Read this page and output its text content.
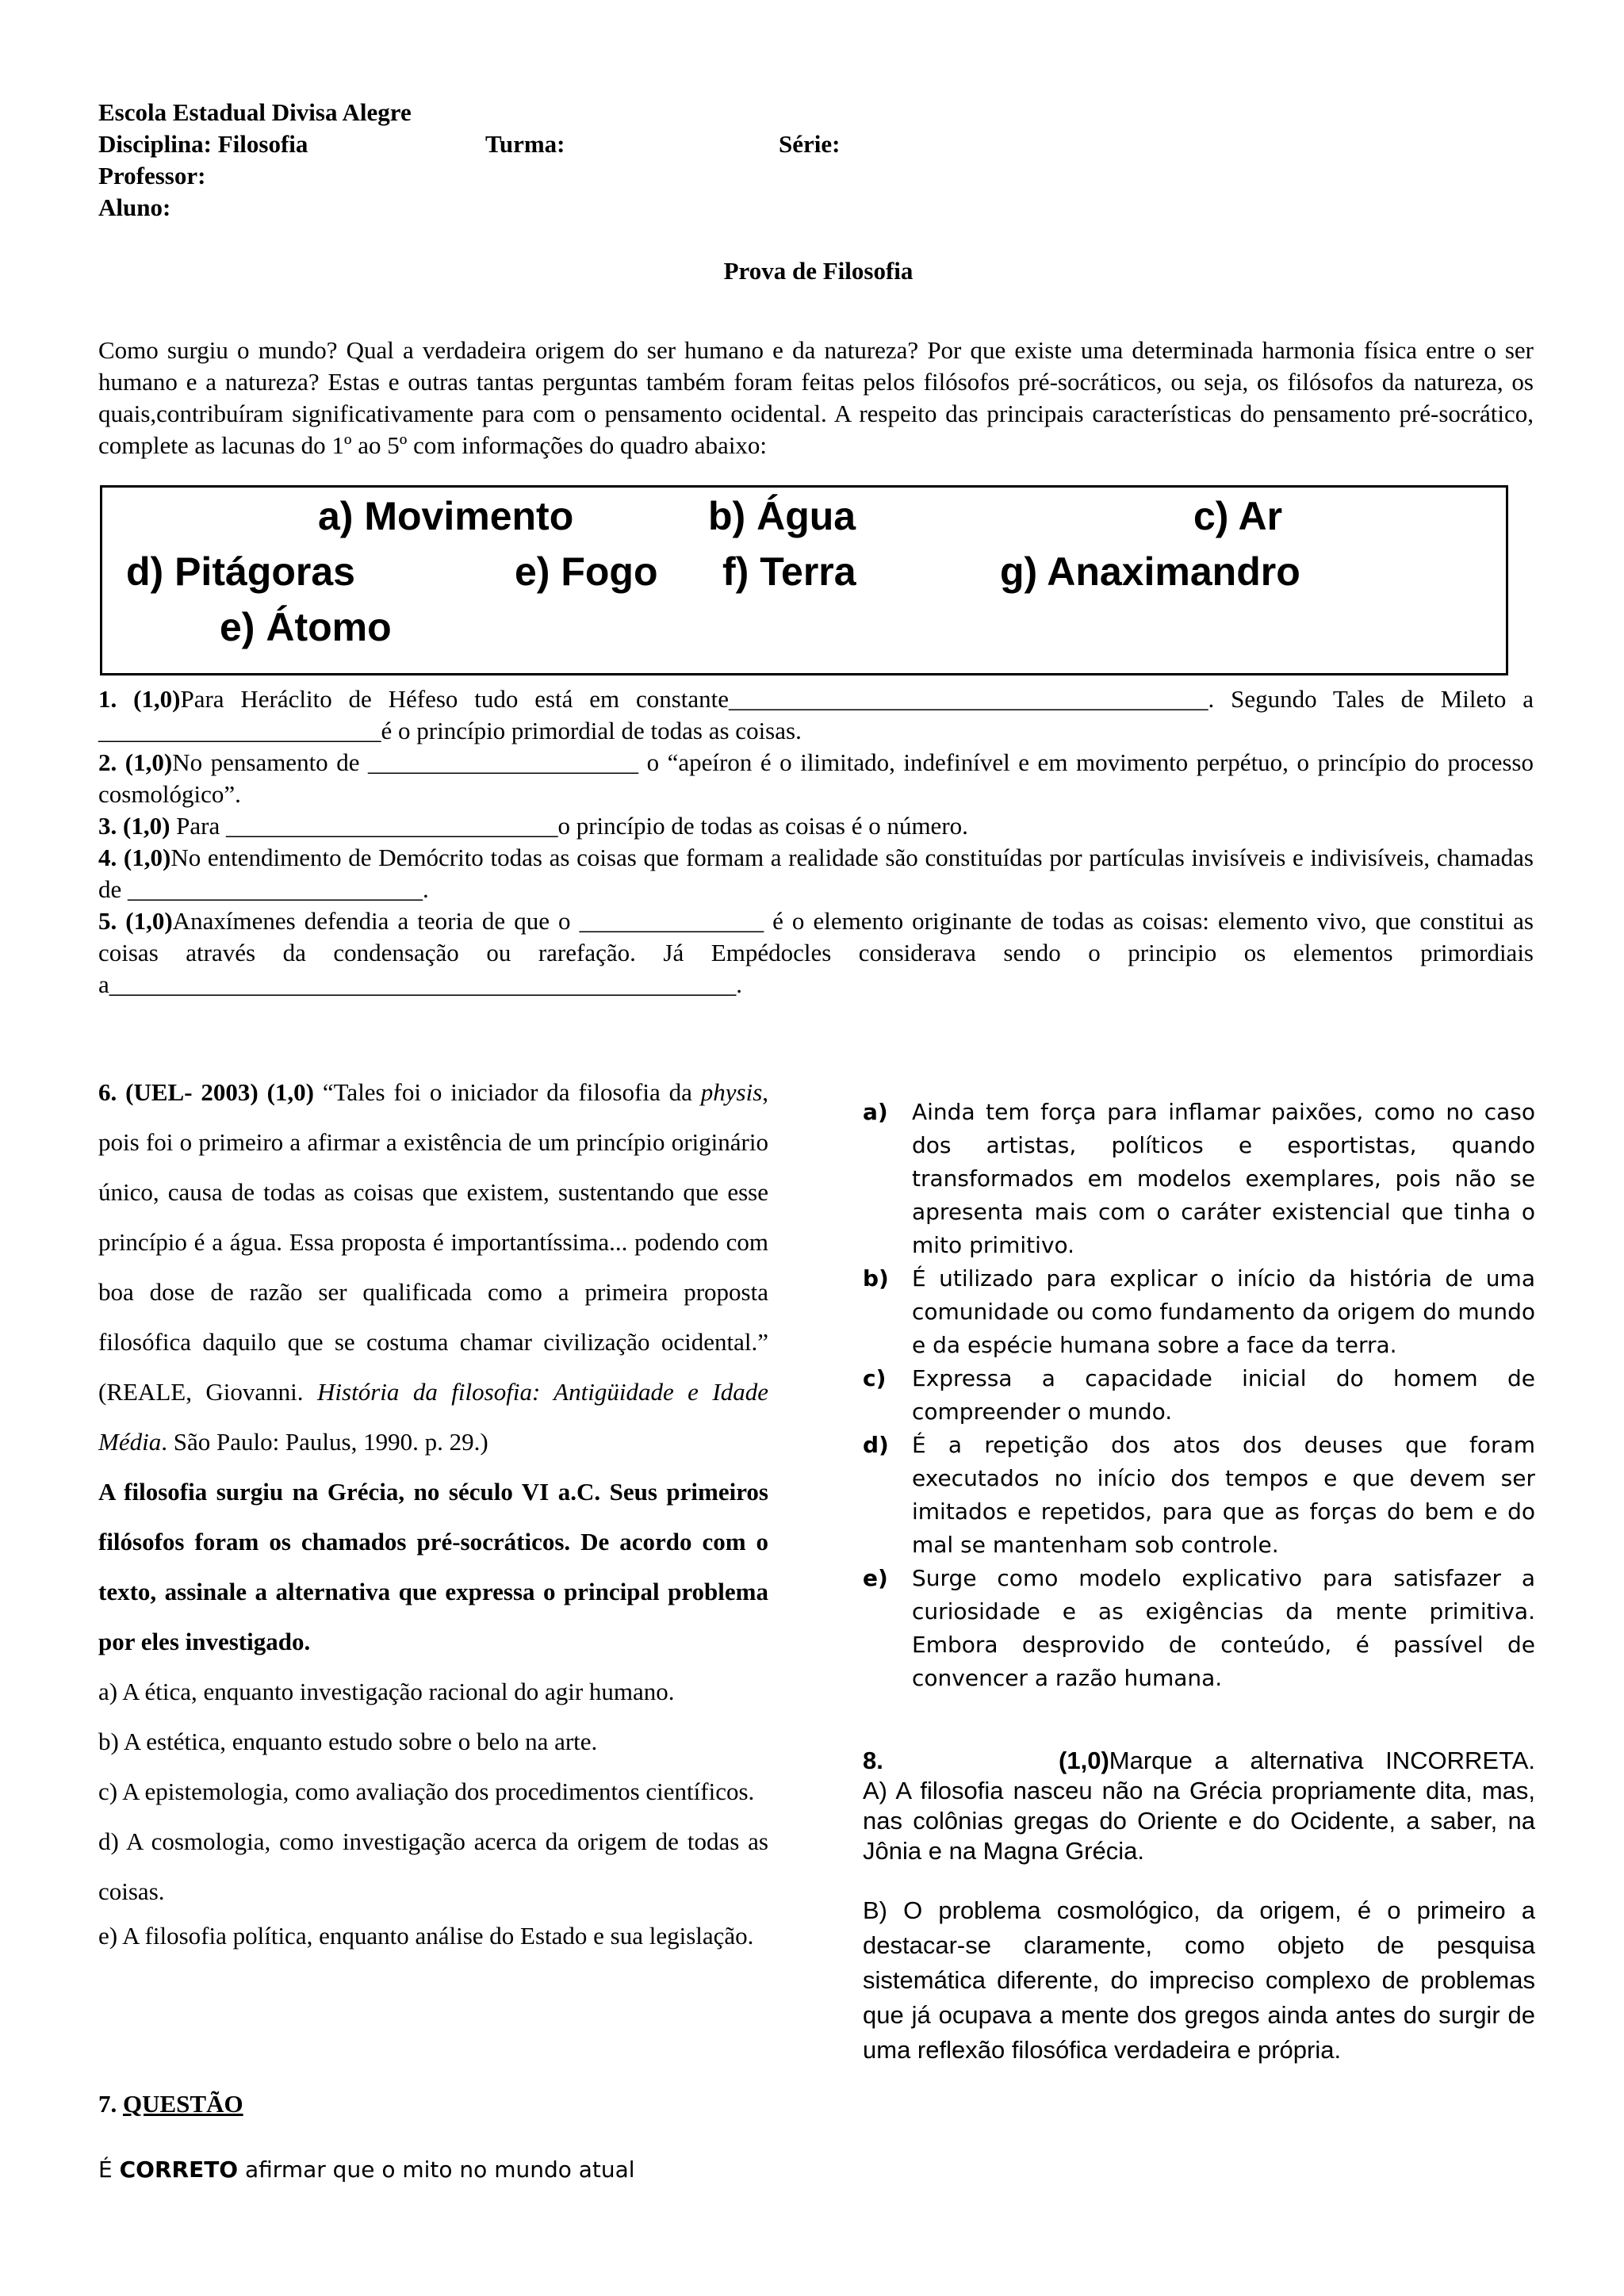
Escola Estadual Divisa Alegre
Disciplina: Filosofia	Turma:	Série:
Professor:
Aluno:
Prova de Filosofia
Como surgiu o mundo? Qual a verdadeira origem do ser humano e da natureza? Por que existe uma determinada harmonia física entre o ser humano e a natureza? Estas e outras tantas perguntas também foram feitas pelos filósofos pré-socráticos, ou seja, os filósofos da natureza, os quais,contribuíram significativamente para com o pensamento ocidental. A respeito das principais características do pensamento pré-socrático, complete as lacunas do 1º ao 5º com informações do quadro abaixo:
a) Movimento	b) Água	c) Ar
d) Pitágoras	e) Fogo f) Terra	g) Anaximandro
e) Átomo

1. (1,0)Para Heráclito de Héfeso tudo está em constante_______________________________________. Segundo Tales de Mileto a _______________________é o princípio primordial de todas as coisas.

2. (1,0)No pensamento de ______________________ o “apeíron é o ilimitado, indefinível e em movimento perpétuo, o princípio do processo cosmológico”.

3. (1,0) Para ___________________________o princípio de todas as coisas é o número.

4. (1,0)No entendimento de Demócrito todas as coisas que formam a realidade são constituídas por partículas invisíveis e indivisíveis, chamadas de ________________________.

5. (1,0)Anaxímenes defendia a teoria de que o _______________ é o elemento originante de todas as coisas: elemento vivo, que constitui as coisas através da condensação ou rarefação. Já Empédocles considerava sendo o principio os elementos primordiais a___________________________________________________.

6. (UEL- 2003) (1,0) “Tales foi o iniciador da filosofia da physis, pois foi o primeiro a afirmar a existência de um princípio originário único, causa de todas as coisas que existem, sustentando que esse princípio é a água. Essa proposta é importantíssima... podendo com boa dose de razão ser qualificada como a primeira proposta filosófica daquilo que se costuma chamar civilização ocidental.” (REALE, Giovanni. História da filosofia: Antigüidade e Idade Média. São Paulo: Paulus, 1990. p. 29.)

A filosofia surgiu na Grécia, no século VI a.C. Seus primeiros filósofos foram os chamados pré-socráticos. De acordo com o texto, assinale a alternativa que expressa o principal problema por eles investigado.

a) A ética, enquanto investigação racional do agir humano.

b) A estética, enquanto estudo sobre o belo na arte.

c) A epistemologia, como avaliação dos procedimentos científicos.

d) A cosmologia, como investigação acerca da origem de todas as coisas.

e) A filosofia política, enquanto análise do Estado e sua legislação.

7. QUESTÃO
É CORRETO afirmar que o mito no mundo atual
a)	Ainda tem força para inflamar paixões, como no caso dos artistas, políticos e esportistas, quando transformados em modelos exemplares, pois não se apresenta mais com o caráter existencial que tinha o mito primitivo.
b)	É utilizado para explicar o início da história de uma comunidade ou como fundamento da origem do mundo e da espécie humana sobre a face da terra.
c)	Expressa a capacidade inicial do homem de compreender o mundo.
d)	É a repetição dos atos dos deuses que foram executados no início dos tempos e que devem ser imitados e repetidos, para que as forças do bem e do mal se mantenham sob controle.
e)	Surge como modelo explicativo para satisfazer a curiosidade e as exigências da mente primitiva. Embora desprovido de conteúdo, é passível de convencer a razão humana.

8.	(1,0)Marque a alternativa INCORRETA.

A) A filosofia nasceu não na Grécia propriamente dita, mas, nas colônias gregas do Oriente e do Ocidente, a saber, na Jônia e na Magna Grécia.

B) O problema cosmológico, da origem, é o primeiro a destacar-se claramente, como objeto de pesquisa sistemática diferente, do impreciso complexo de problemas que já ocupava a mente dos gregos ainda antes do surgir de uma reflexão filosófica verdadeira e própria.
